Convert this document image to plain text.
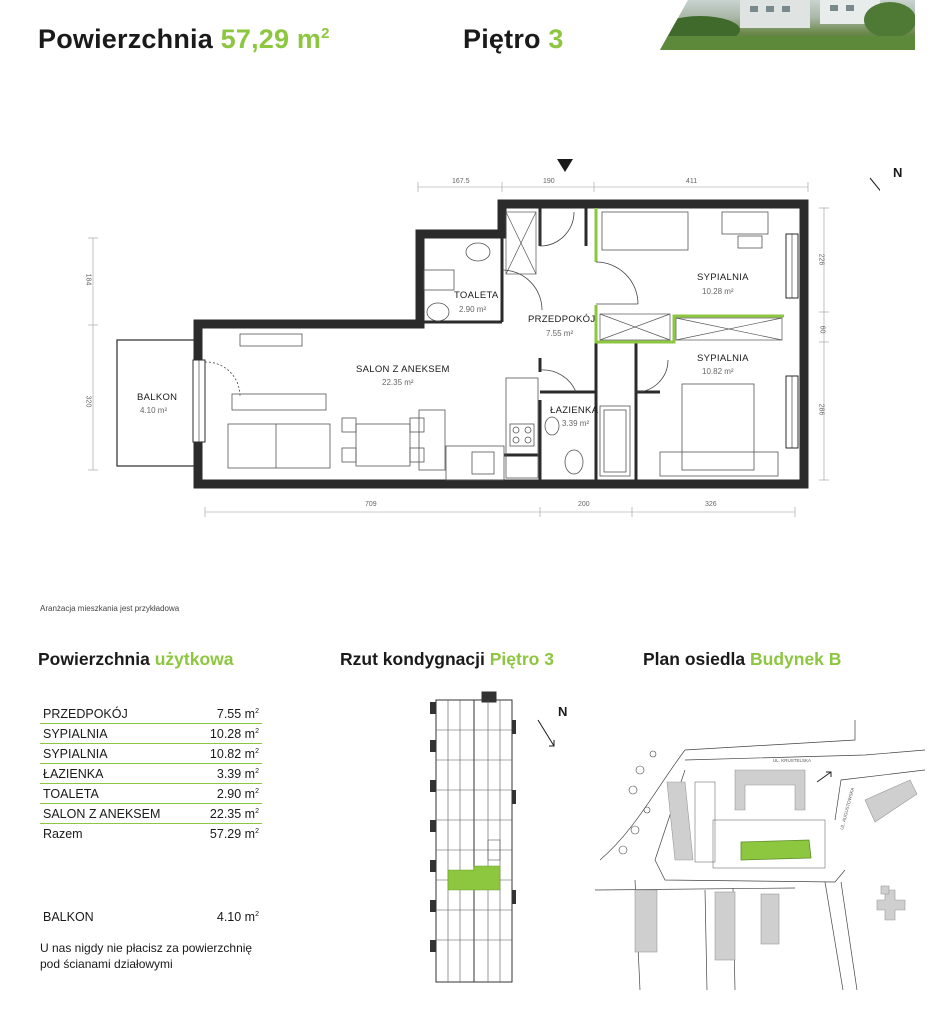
Powierzchnia 57,29 $m^2$	Piętro 3
N
167.5	190	411
709	200	326
184
320
226
60
286
BALKON
4.10 m²
SALON Z ANEKSEM
22.35 m²
TOALETA
2.90 m²
PRZEDPOKÓJ
7.55 m²
ŁAZIENKA
3.39 m²
SYPIALNIA
10.28 m²
SYPIALNIA
10.82 m²
Aranżacja mieszkania jest przykładowa
Powierzchnia użytkowa
PRZEDPOKÓJ	7.55 $m^2$
SYPIALNIA	10.28 $m^2$
SYPIALNIA	10.82 $m^2$
ŁAZIENKA	3.39 $m^2$
TOALETA	2.90 $m^2$
SALON Z ANEKSEM	22.35 $m^2$
Razem	57.29 $m^2$
BALKON	4.10 $m^2$
U nas nigdy nie płacisz za powierzchnię pod ścianami działowymi
Rzut kondygnacji Piętro 3
N
Plan osiedla Budynek B
UL. KRUSTELSKA
UL. AUGUSTOWSKA
